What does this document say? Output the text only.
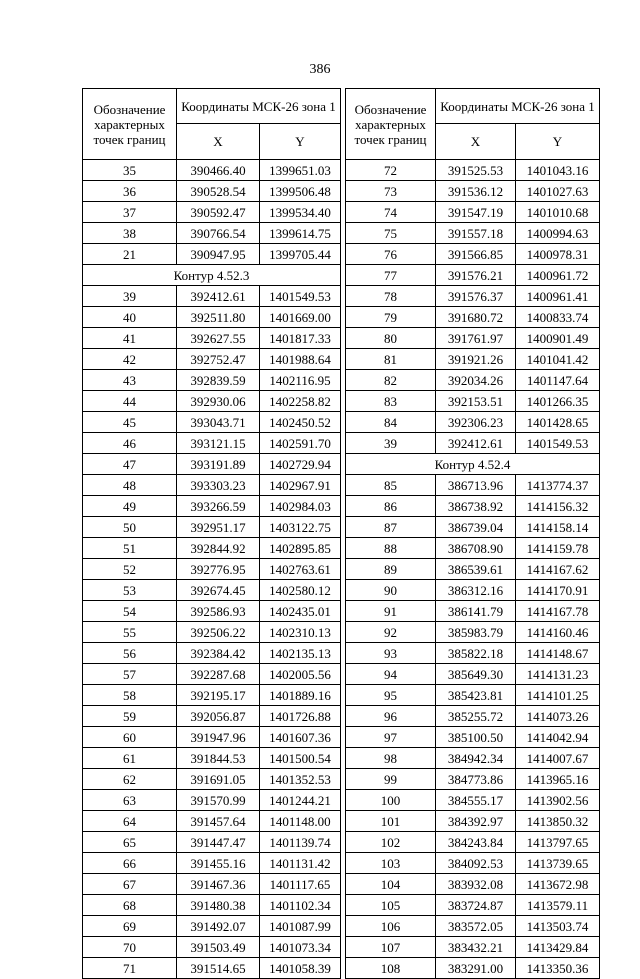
386
Обозначение характерных точек границ	Координаты МСК-26 зона 1	
	X	Y
35	390466.40	1399651.03
36	390528.54	1399506.48
37	390592.47	1399534.40
38	390766.54	1399614.75
21	390947.95	1399705.44
Контур 4.52.3		
39	392412.61	1401549.53
40	392511.80	1401669.00
41	392627.55	1401817.33
42	392752.47	1401988.64
43	392839.59	1402116.95
44	392930.06	1402258.82
45	393043.71	1402450.52
46	393121.15	1402591.70
47	393191.89	1402729.94
48	393303.23	1402967.91
49	393266.59	1402984.03
50	392951.17	1403122.75
51	392844.92	1402895.85
52	392776.95	1402763.61
53	392674.45	1402580.12
54	392586.93	1402435.01
55	392506.22	1402310.13
56	392384.42	1402135.13
57	392287.68	1402005.56
58	392195.17	1401889.16
59	392056.87	1401726.88
60	391947.96	1401607.36
61	391844.53	1401500.54
62	391691.05	1401352.53
63	391570.99	1401244.21
64	391457.64	1401148.00
65	391447.47	1401139.74
66	391455.16	1401131.42
67	391467.36	1401117.65
68	391480.38	1401102.34
69	391492.07	1401087.99
70	391503.49	1401073.34
71	391514.65	1401058.39
Обозначение характерных точек границ	Координаты МСК-26 зона 1	
	X	Y
72	391525.53	1401043.16
73	391536.12	1401027.63
74	391547.19	1401010.68
75	391557.18	1400994.63
76	391566.85	1400978.31
77	391576.21	1400961.72
78	391576.37	1400961.41
79	391680.72	1400833.74
80	391761.97	1400901.49
81	391921.26	1401041.42
82	392034.26	1401147.64
83	392153.51	1401266.35
84	392306.23	1401428.65
39	392412.61	1401549.53
Контур 4.52.4		
85	386713.96	1413774.37
86	386738.92	1414156.32
87	386739.04	1414158.14
88	386708.90	1414159.78
89	386539.61	1414167.62
90	386312.16	1414170.91
91	386141.79	1414167.78
92	385983.79	1414160.46
93	385822.18	1414148.67
94	385649.30	1414131.23
95	385423.81	1414101.25
96	385255.72	1414073.26
97	385100.50	1414042.94
98	384942.34	1414007.67
99	384773.86	1413965.16
100	384555.17	1413902.56
101	384392.97	1413850.32
102	384243.84	1413797.65
103	384092.53	1413739.65
104	383932.08	1413672.98
105	383724.87	1413579.11
106	383572.05	1413503.74
107	383432.21	1413429.84
108	383291.00	1413350.36
